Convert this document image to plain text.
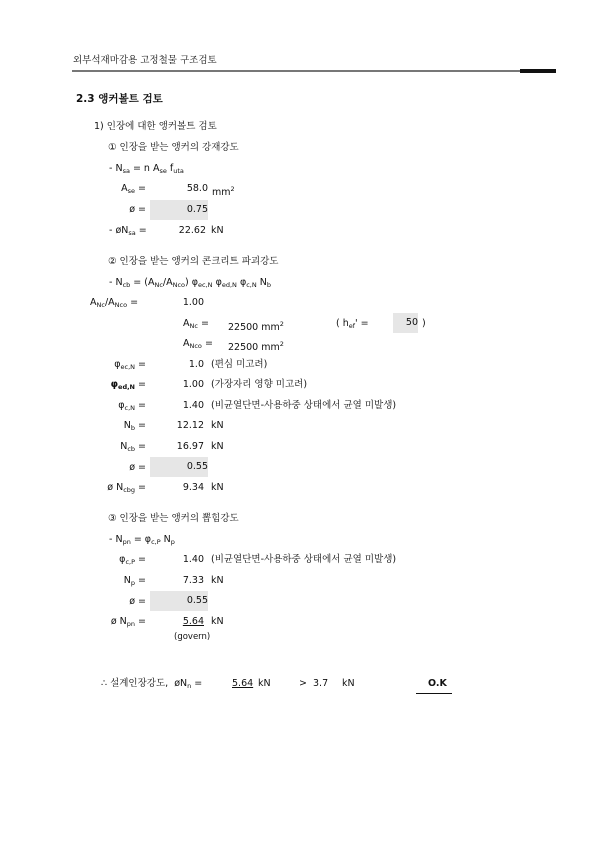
외부석재마감용 고정철물 구조검토
2.3 앵커볼트 검토
1) 인장에 대한 앵커볼트 검토
① 인장을 받는 앵커의 강재강도
- $N_{sa} = n$ $A_{se}$ $f_{uta}$
$A_{se}$ =	58.0 $mm^2$
ø =	0.75
- $øN_{sa}$ =	22.62 kN
② 인장을 받는 앵커의 콘크리트 파괴강도
- $N_{cb} = (A_{Nc}/A_{Nco})$ $\varphi_{ec,N}$ $\varphi_{ed,N}$ $\varphi_{c,N}$ $N_b$
$A_{Nc}/A_{Nco}$ =	1.00
$A_{Nc} = 22500$ $mm^2$	( $h_{ef}'$ =	50 )
$A_{Nco} = 22500$ $mm^2$
$\varphi_{ec,N}$ =	1.0 (편심 미고려)
$\varphi_{ed,N}$ =	1.00 (가장자리 영향 미고려)
$\varphi_{c,N}$ =	1.40 (비균열단면-사용하중 상태에서 균열 미발생)
$N_b$ =	12.12 kN
$N_{cb}$ =	16.97 kN
ø =	0.55
ø $N_{cbg}$ =	9.34 kN
③ 인장을 받는 앵커의 뽑힘강도
- $N_{pn} = \varphi_{c,P}$ $N_p$
$\varphi_{c,P}$ =	1.40 (비균열단면-사용하중 상태에서 균열 미발생)
$N_p$ =	7.33 kN
ø =	0.55
ø $N_{pn}$ =	5.64 kN
(govern)
∴ 설계인장강도,  $øN_n$ =	5.64 kN	> 3.7 kN	O.K
